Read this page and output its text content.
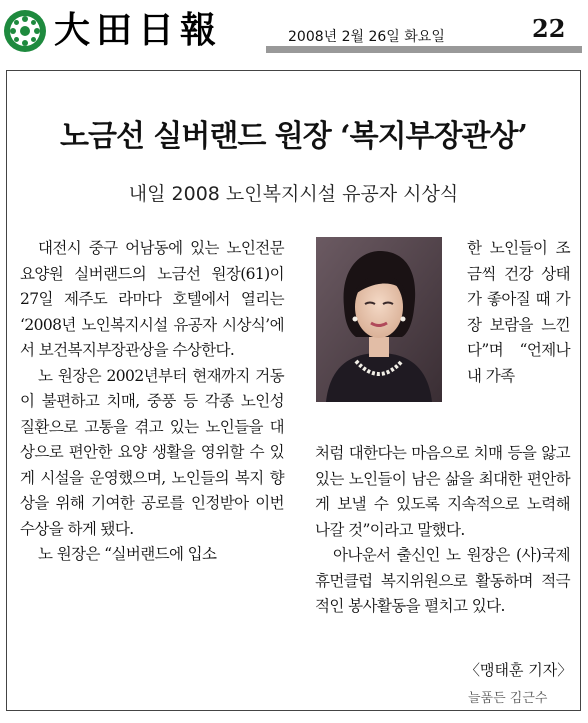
大田日報	2008년 2월 26일 화요일	22
노금선 실버랜드 원장 ‘복지부장관상’
내일 2008 노인복지시설 유공자 시상식

대전시 중구 어남동에 있는 노인전문요양원 실버랜드의 노금선 원장(61)이 27일 제주도 라마다 호텔에서 열리는 ‘2008년 노인복지시설 유공자 시상식’에서 보건복지부장관상을 수상한다.

노 원장은 2002년부터 현재까지 거동이 불편하고 치매, 중풍 등 각종 노인성 질환으로 고통을 겪고 있는 노인들을 대상으로 편안한 요양 생활을 영위할 수 있게 시설을 운영했으며, 노인들의 복지 향상을 위해 기여한 공로를 인정받아 이번 수상을 하게 됐다.

노 원장은 “실버랜드에 입소

한 노인들이 조금씩 건강 상태가 좋아질 때 가장 보람을 느낀다”며 “언제나 내 가족

처럼 대한다는 마음으로 치매 등을 앓고 있는 노인들이 남은 삶을 최대한 편안하게 보낼 수 있도록 지속적으로 노력해 나갈 것”이라고 말했다.

아나운서 출신인 노 원장은 (사)국제휴먼클럽 복지위원으로 활동하며 적극적인 봉사활동을 펼치고 있다.

〈맹태훈 기자〉
늘품든 김근수
